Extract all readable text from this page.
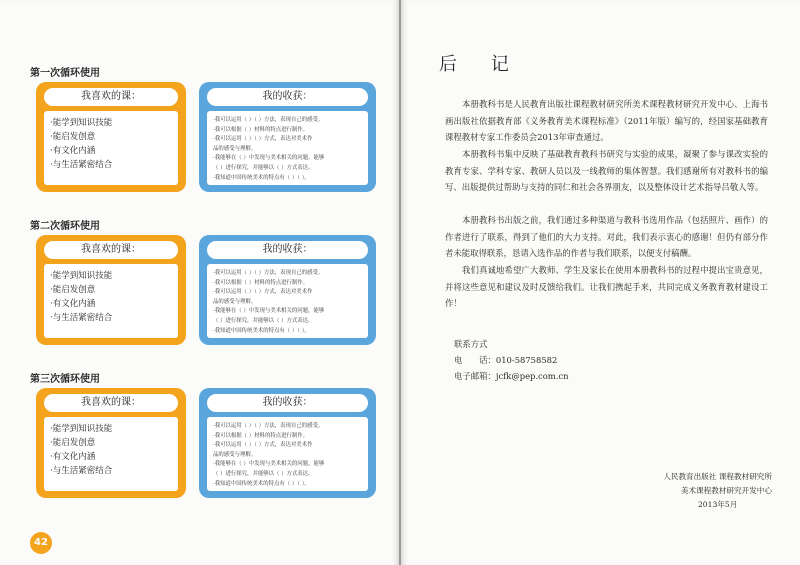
第一次循环使用
我喜欢的课：
·能学到知识技能
·能启发创意
·有文化内涵
·与生活紧密结合
我的收获：
·我可以运用（ ）（ ）方法，表现自己的感受。
·我可以根据（ ）材料的特点进行制作。
·我可以运用（ ）（ ）方式，表达对美术作
品的感受与理解。
·我能够在（ ）中发现与美术相关的问题，能够
（ ）进行探究，并能够以（ ）方式表达。
·我知道中国传统美术的特点有（ ）（ ）。
第二次循环使用
我喜欢的课：
·能学到知识技能
·能启发创意
·有文化内涵
·与生活紧密结合
我的收获：
·我可以运用（ ）（ ）方法，表现自己的感受。
·我可以根据（ ）材料的特点进行制作。
·我可以运用（ ）（ ）方式，表达对美术作
品的感受与理解。
·我能够在（ ）中发现与美术相关的问题，能够
（ ）进行探究，并能够以（ ）方式表达。
·我知道中国传统美术的特点有（ ）（ ）。
第三次循环使用
我喜欢的课：
·能学到知识技能
·能启发创意
·有文化内涵
·与生活紧密结合
我的收获：
·我可以运用（ ）（ ）方法，表现自己的感受。
·我可以根据（ ）材料的特点进行制作。
·我可以运用（ ）（ ）方式，表达对美术作
品的感受与理解。
·我能够在（ ）中发现与美术相关的问题，能够
（ ）进行探究，并能够以（ ）方式表达。
·我知道中国传统美术的特点有（ ）（ ）。
42
后 记
本册教科书是人民教育出版社课程教材研究所美术课程教材研究开发中心、上海书画出版社依据教育部《义务教育美术课程标准》（2011年版）编写的，经国家基础教育课程教材专家工作委员会2013年审查通过。
本册教科书集中反映了基础教育教科书研究与实验的成果，凝聚了参与课改实验的教育专家、学科专家、教研人员以及一线教师的集体智慧。我们感谢所有对教科书的编写、出版提供过帮助与支持的同仁和社会各界朋友，以及整体设计艺术指导吕敬人等。
本册教科书出版之前，我们通过多种渠道与教科书选用作品（包括照片、画作）的作者进行了联系，得到了他们的大力支持。对此，我们表示衷心的感谢！但仍有部分作者未能取得联系，恳请入选作品的作者与我们联系，以便支付稿酬。
我们真诚地希望广大教师、学生及家长在使用本册教科书的过程中提出宝贵意见，并将这些意见和建议及时反馈给我们。让我们携起手来，共同完成义务教育教材建设工作！
联系方式
电　　话：010-58758582
电子邮箱：jcfk@pep.com.cn
人民教育出版社 课程教材研究所
美术课程教材研究开发中心
2013年5月
